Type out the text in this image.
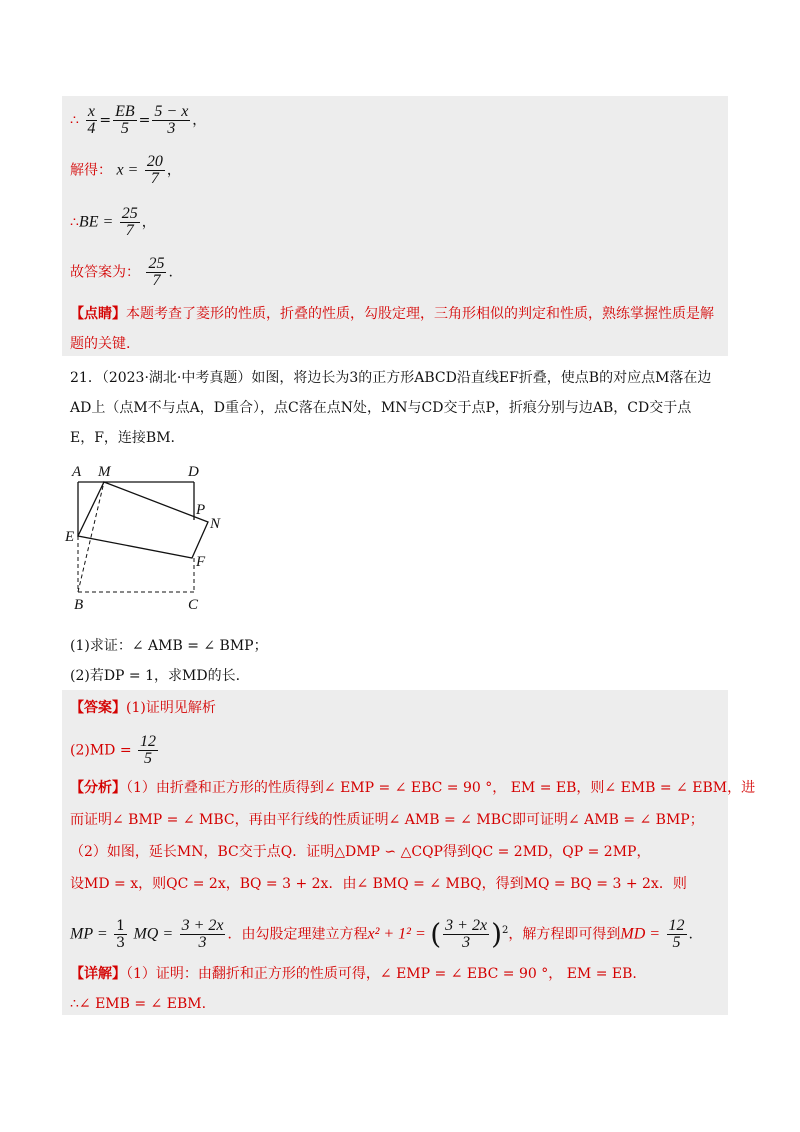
∴ $\frac{x}{4} = \frac{EB}{5} = \frac{5 - x}{3}$ ，
解得： $x = \frac{20}{7}$ ，
∴BE = $\frac{25}{7}$ ，
故答案为： $\frac{25}{7}$ .
【点睛】本题考查了菱形的性质，折叠的性质，勾股定理，三角形相似的判定和性质，熟练掌握性质是解
题的关键.
21．（2023·湖北·中考真题）如图，将边长为3的正方形ABCD沿直线EF折叠，使点B的对应点M落在边
AD上（点M不与点A，D重合），点C落在点N处，MN与CD交于点P，折痕分别与边AB，CD交于点
E，F，连接BM.
A M	D
P
N
E
F
B	C
(1)求证：∠ AMB = ∠ BMP；
(2)若DP = 1，求MD的长.
【答案】(1)证明见解析
$(2)MD = \frac{12}{5}$
【分析】（1）由折叠和正方形的性质得到∠ EMP = ∠ EBC = 90 °， EM = EB，则∠ EMB = ∠ EBM，进
而证明∠ BMP = ∠ MBC，再由平行线的性质证明∠ AMB = ∠ MBC即可证明∠ AMB = ∠ BMP；
（2）如图，延长MN，BC交于点Q．证明△DMP ∽ △CQP得到QC = 2MD，QP = 2MP，
设MD = x，则QC = 2x，BQ = 3 + 2x．由∠ BMQ = ∠ MBQ，得到MQ = BQ = 3 + 2x．则
MP = $\frac{1}{3}$ MQ = $\frac{3 + 2x}{3}$ ．由勾股定理建立方程x² + 1² = ( $\frac{3 + 2x}{3} )^2$，解方程即可得到MD = $\frac{12}{5}$ .
【详解】（1）证明：由翻折和正方形的性质可得，∠ EMP = ∠ EBC = 90 °， EM = EB.
∴∠ EMB = ∠ EBM.
